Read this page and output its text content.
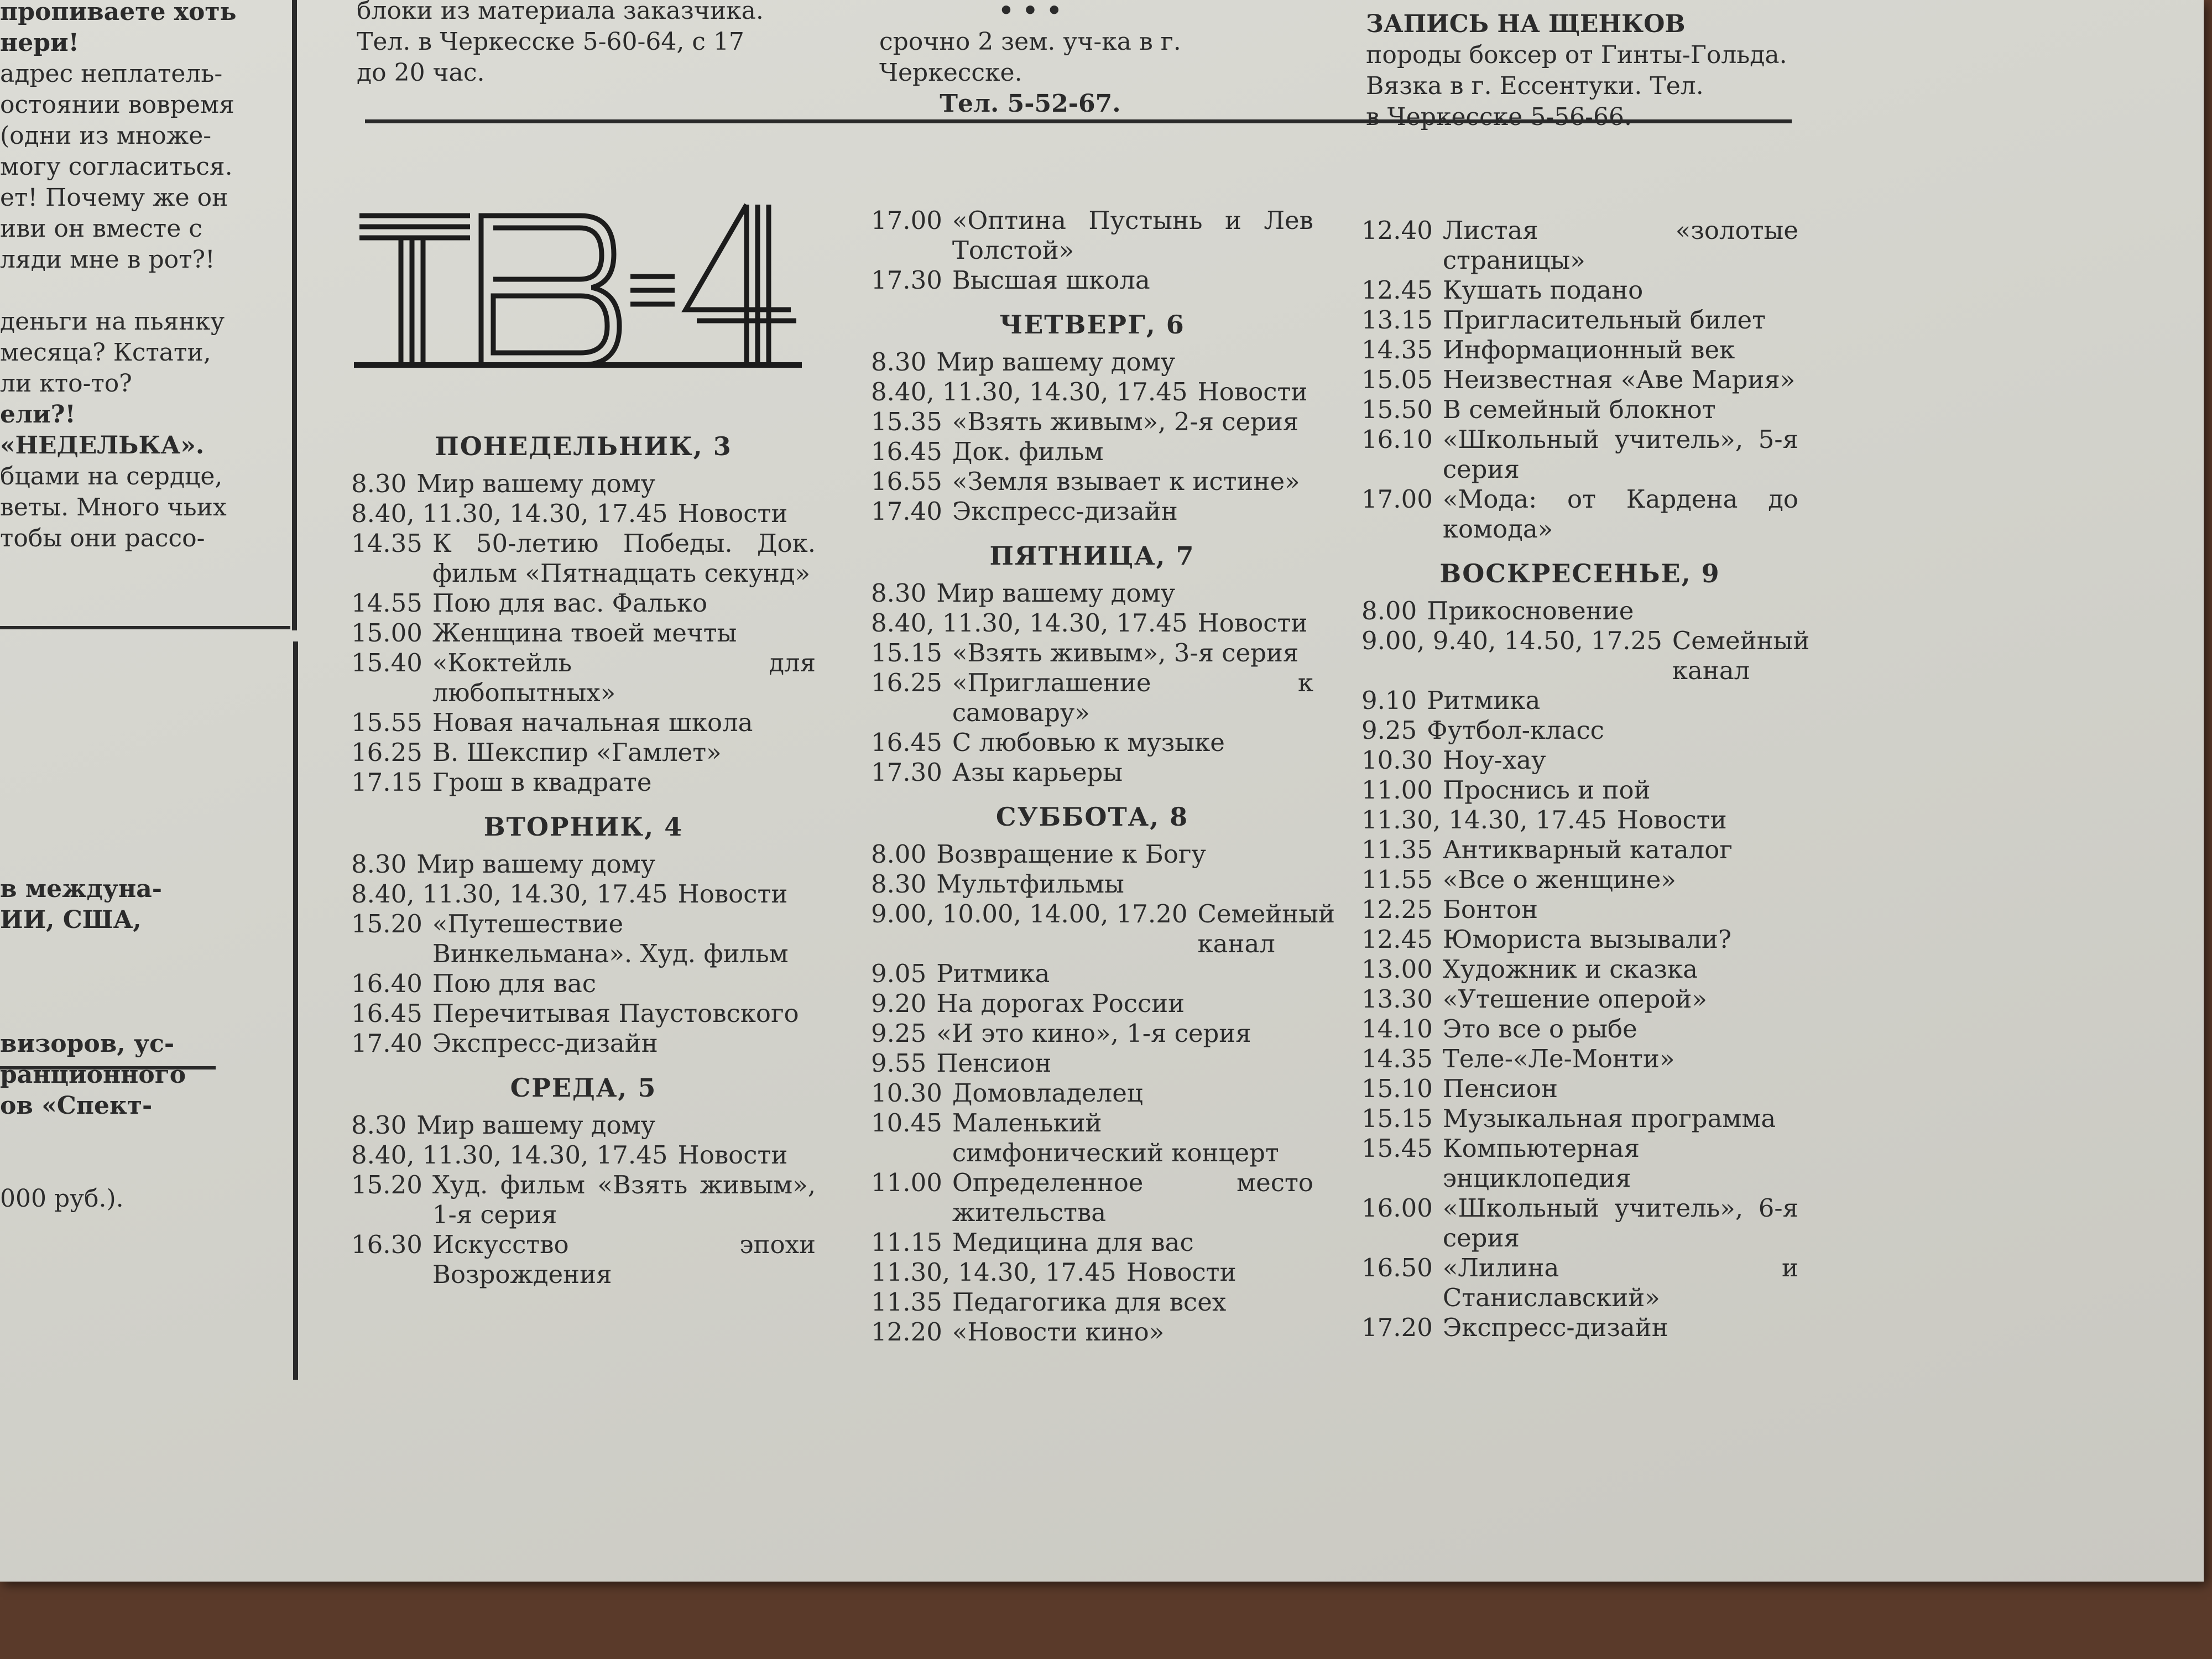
пропиваете хоть
нери!
адрес неплатель-
остоянии вовремя
(одни из множе-
могу согласиться.
ет! Почему же он
иви он вместе с
ляди мне в рот?!

деньги на пьянку
месяца? Кстати,
ли кто-то?
ели?!
«НЕДЕЛЬКА».
бцами на сердце,
веты. Много чьих
тобы они рассо-
в междуна-
ИИ, США,

визоров, ус-
ранционного
ов «Спект-

000 руб.).
блоки из материала заказчика.
Тел. в Черкесске 5-60-64, с 17
до 20 час.
• • •
срочно 2 зем. уч-ка в г.
Черкесске.
Тел. 5-52-67.
ЗАПИСЬ НА ЩЕНКОВ
породы боксер от Гинты-Гольда. Вязка в г. Ессентуки. Тел.
в Черкесске 5-56-66.
ПОНЕДЕЛЬНИК, 3
8.30 Мир вашему дому
8.40, 11.30, 14.30, 17.45 Новости
14.35 К 50-летию Победы. Док. фильм «Пятнадцать секунд»
14.55 Пою для вас. Фалько
15.00 Женщина твоей мечты
15.40 «Коктейль для любопытных»
15.55 Новая начальная школа
16.25 В. Шекспир «Гамлет»
17.15 Грош в квадрате
ВТОРНИК, 4
8.30 Мир вашему дому
8.40, 11.30, 14.30, 17.45 Новости
15.20 «Путешествие Винкельмана». Худ. фильм
16.40 Пою для вас
16.45 Перечитывая Паустовского
17.40 Экспресс-дизайн
СРЕДА, 5
8.30 Мир вашему дому
8.40, 11.30, 14.30, 17.45 Новости
15.20 Худ. фильм «Взять живым», 1-я серия
16.30 Искусство эпохи Возрождения
17.00 «Оптина Пустынь и Лев Толстой»
17.30 Высшая школа
ЧЕТВЕРГ, 6
8.30 Мир вашему дому
8.40, 11.30, 14.30, 17.45 Новости
15.35 «Взять живым», 2-я серия
16.45 Док. фильм
16.55 «Земля взывает к истине»
17.40 Экспресс-дизайн
ПЯТНИЦА, 7
8.30 Мир вашему дому
8.40, 11.30, 14.30, 17.45 Новости
15.15 «Взять живым», 3-я серия
16.25 «Приглашение к самовару»
16.45 С любовью к музыке
17.30 Азы карьеры
СУББОТА, 8
8.00 Возвращение к Богу
8.30 Мультфильмы
9.00, 10.00, 14.00, 17.20 Семейный канал
9.05 Ритмика
9.20 На дорогах России
9.25 «И это кино», 1-я серия
9.55 Пенсион
10.30 Домовладелец
10.45 Маленький симфонический концерт
11.00 Определенное место жительства
11.15 Медицина для вас
11.30, 14.30, 17.45 Новости
11.35 Педагогика для всех
12.20 «Новости кино»
12.40 Листая «золотые страницы»
12.45 Кушать подано
13.15 Пригласительный билет
14.35 Информационный век
15.05 Неизвестная «Аве Мария»
15.50 В семейный блокнот
16.10 «Школьный учитель», 5-я серия
17.00 «Мода: от Кардена до комода»
ВОСКРЕСЕНЬЕ, 9
8.00 Прикосновение
9.00, 9.40, 14.50, 17.25 Семейный канал
9.10 Ритмика
9.25 Футбол-класс
10.30 Ноу-хау
11.00 Проснись и пой
11.30, 14.30, 17.45 Новости
11.35 Антикварный каталог
11.55 «Все о женщине»
12.25 Бонтон
12.45 Юмориста вызывали?
13.00 Художник и сказка
13.30 «Утешение оперой»
14.10 Это все о рыбе
14.35 Теле-«Ле-Монти»
15.10 Пенсион
15.15 Музыкальная программа
15.45 Компьютерная энциклопедия
16.00 «Школьный учитель», 6-я серия
16.50 «Лилина и Станиславский»
17.20 Экспресс-дизайн
